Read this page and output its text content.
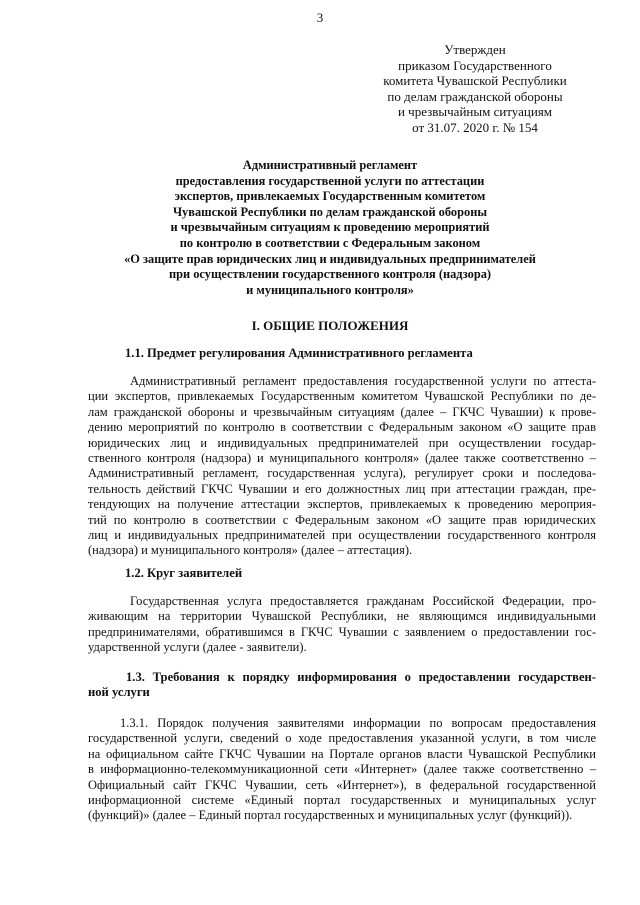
3
Утвержден
приказом Государственного
комитета Чувашской Республики
по делам гражданской обороны
и чрезвычайным ситуациям
от 31.07. 2020 г. № 154
Административный регламент
предоставления государственной услуги по аттестации
экспертов, привлекаемых Государственным комитетом
Чувашской Республики по делам гражданской обороны
и чрезвычайным ситуациям к проведению мероприятий
по контролю в соответствии с Федеральным законом
«О защите прав юридических лиц и индивидуальных предпринимателей
при осуществлении государственного контроля (надзора)
и муниципального контроля»
I. ОБЩИЕ ПОЛОЖЕНИЯ
1.1. Предмет регулирования Административного регламента
Административный регламент предоставления государственной услуги по аттеста-
ции экспертов, привлекаемых Государственным комитетом Чувашской Республики по де-
лам гражданской обороны и чрезвычайным ситуациям (далее – ГКЧС Чувашии) к прове-
дению мероприятий по контролю в соответствии с Федеральным законом «О защите прав
юридических лиц и индивидуальных предпринимателей при осуществлении государ-
ственного контроля (надзора) и муниципального контроля» (далее также соответственно –
Административный регламент, государственная услуга), регулирует сроки и последова-
тельность действий ГКЧС Чувашии и его должностных лиц при аттестации граждан, пре-
тендующих на получение аттестации экспертов, привлекаемых к проведению мероприя-
тий по контролю в соответствии с Федеральным законом «О защите прав юридических
лиц и индивидуальных предпринимателей при осуществлении государственного контроля
(надзора) и муниципального контроля» (далее – аттестация).
1.2. Круг заявителей
Государственная услуга предоставляется гражданам Российской Федерации, про-
живающим на территории Чувашской Республики, не являющимся индивидуальными
предпринимателями, обратившимся в ГКЧС Чувашии с заявлением о предоставлении гос-
ударственной услуги (далее - заявители).
1.3. Требования к порядку информирования о предоставлении государствен-
ной услуги
1.3.1. Порядок получения заявителями информации по вопросам предоставления
государственной услуги, сведений о ходе предоставления указанной услуги, в том числе
на официальном сайте ГКЧС Чувашии на Портале органов власти Чувашской Республики
в информационно-телекоммуникационной сети «Интернет» (далее также соответственно –
Официальный сайт ГКЧС Чувашии, сеть «Интернет»), в федеральной государственной
информационной системе «Единый портал государственных и муниципальных услуг
(функций)» (далее – Единый портал государственных и муниципальных услуг (функций)).
